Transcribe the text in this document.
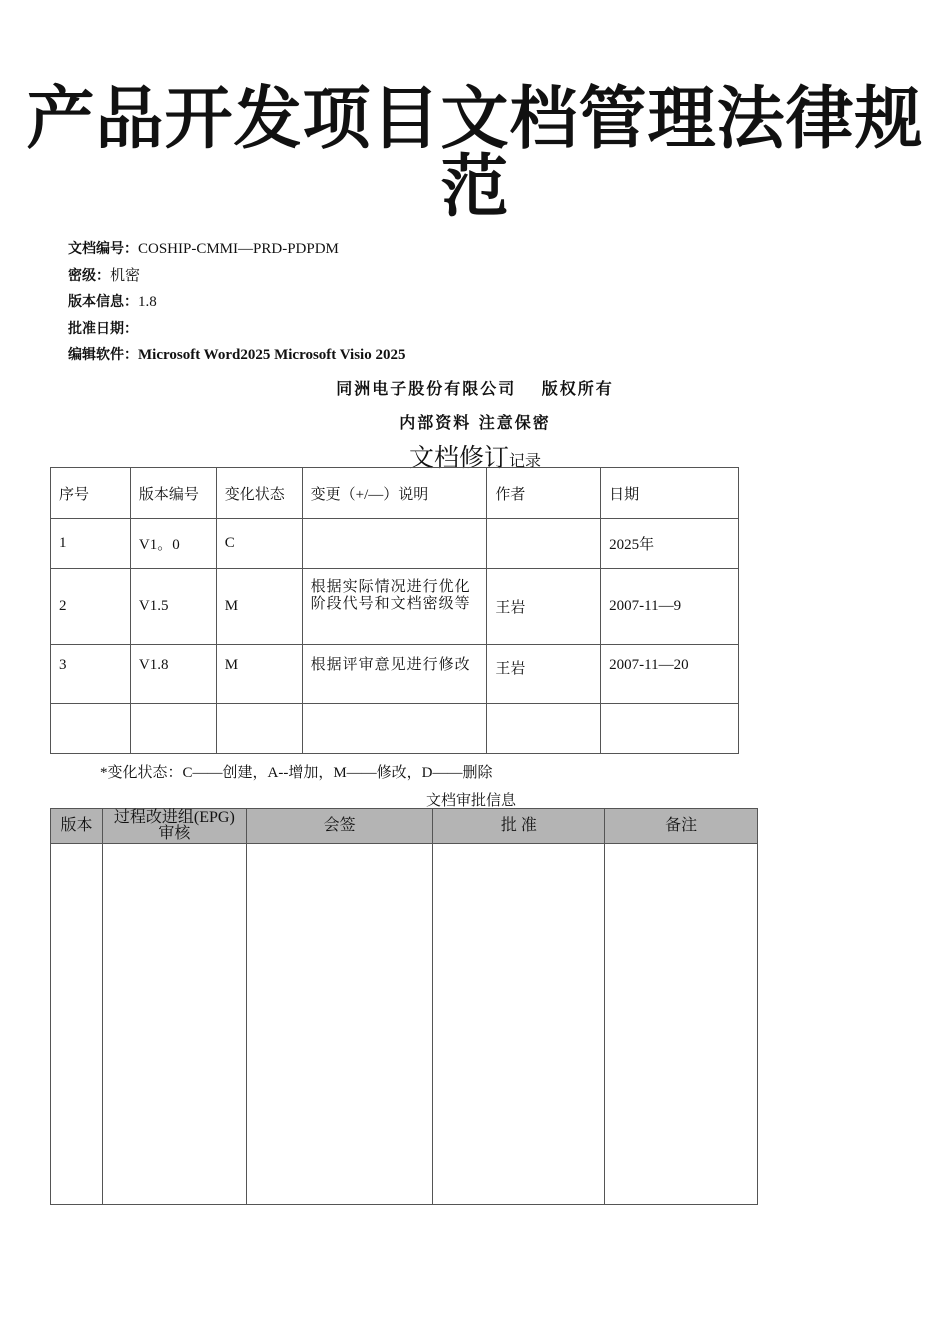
产品开发项目文档管理法律规范
文档编号：COSHIP-CMMI—PRD-PDPDM
密级：机密
版本信息：1.8
批准日期：
编辑软件：Microsoft Word2025 Microsoft Visio 2025
同洲电子股份有限公司　 版权所有
内部资料 注意保密
文档修订记录
序号	版本编号	变化状态	变更（+/—）说明	作者	日期
1	V1。0	C			2025年
2	V1.5	M	根据实际情况进行优化阶段代号和文档密级等	王岩	2007-11—9
3	V1.8	M	根据评审意见进行修改	王岩	2007-11—20

*变化状态：C——创建，A--增加，M——修改，D——删除
文档审批信息
版本	过程改进组(EPG)审核	会签	批 准	备注
